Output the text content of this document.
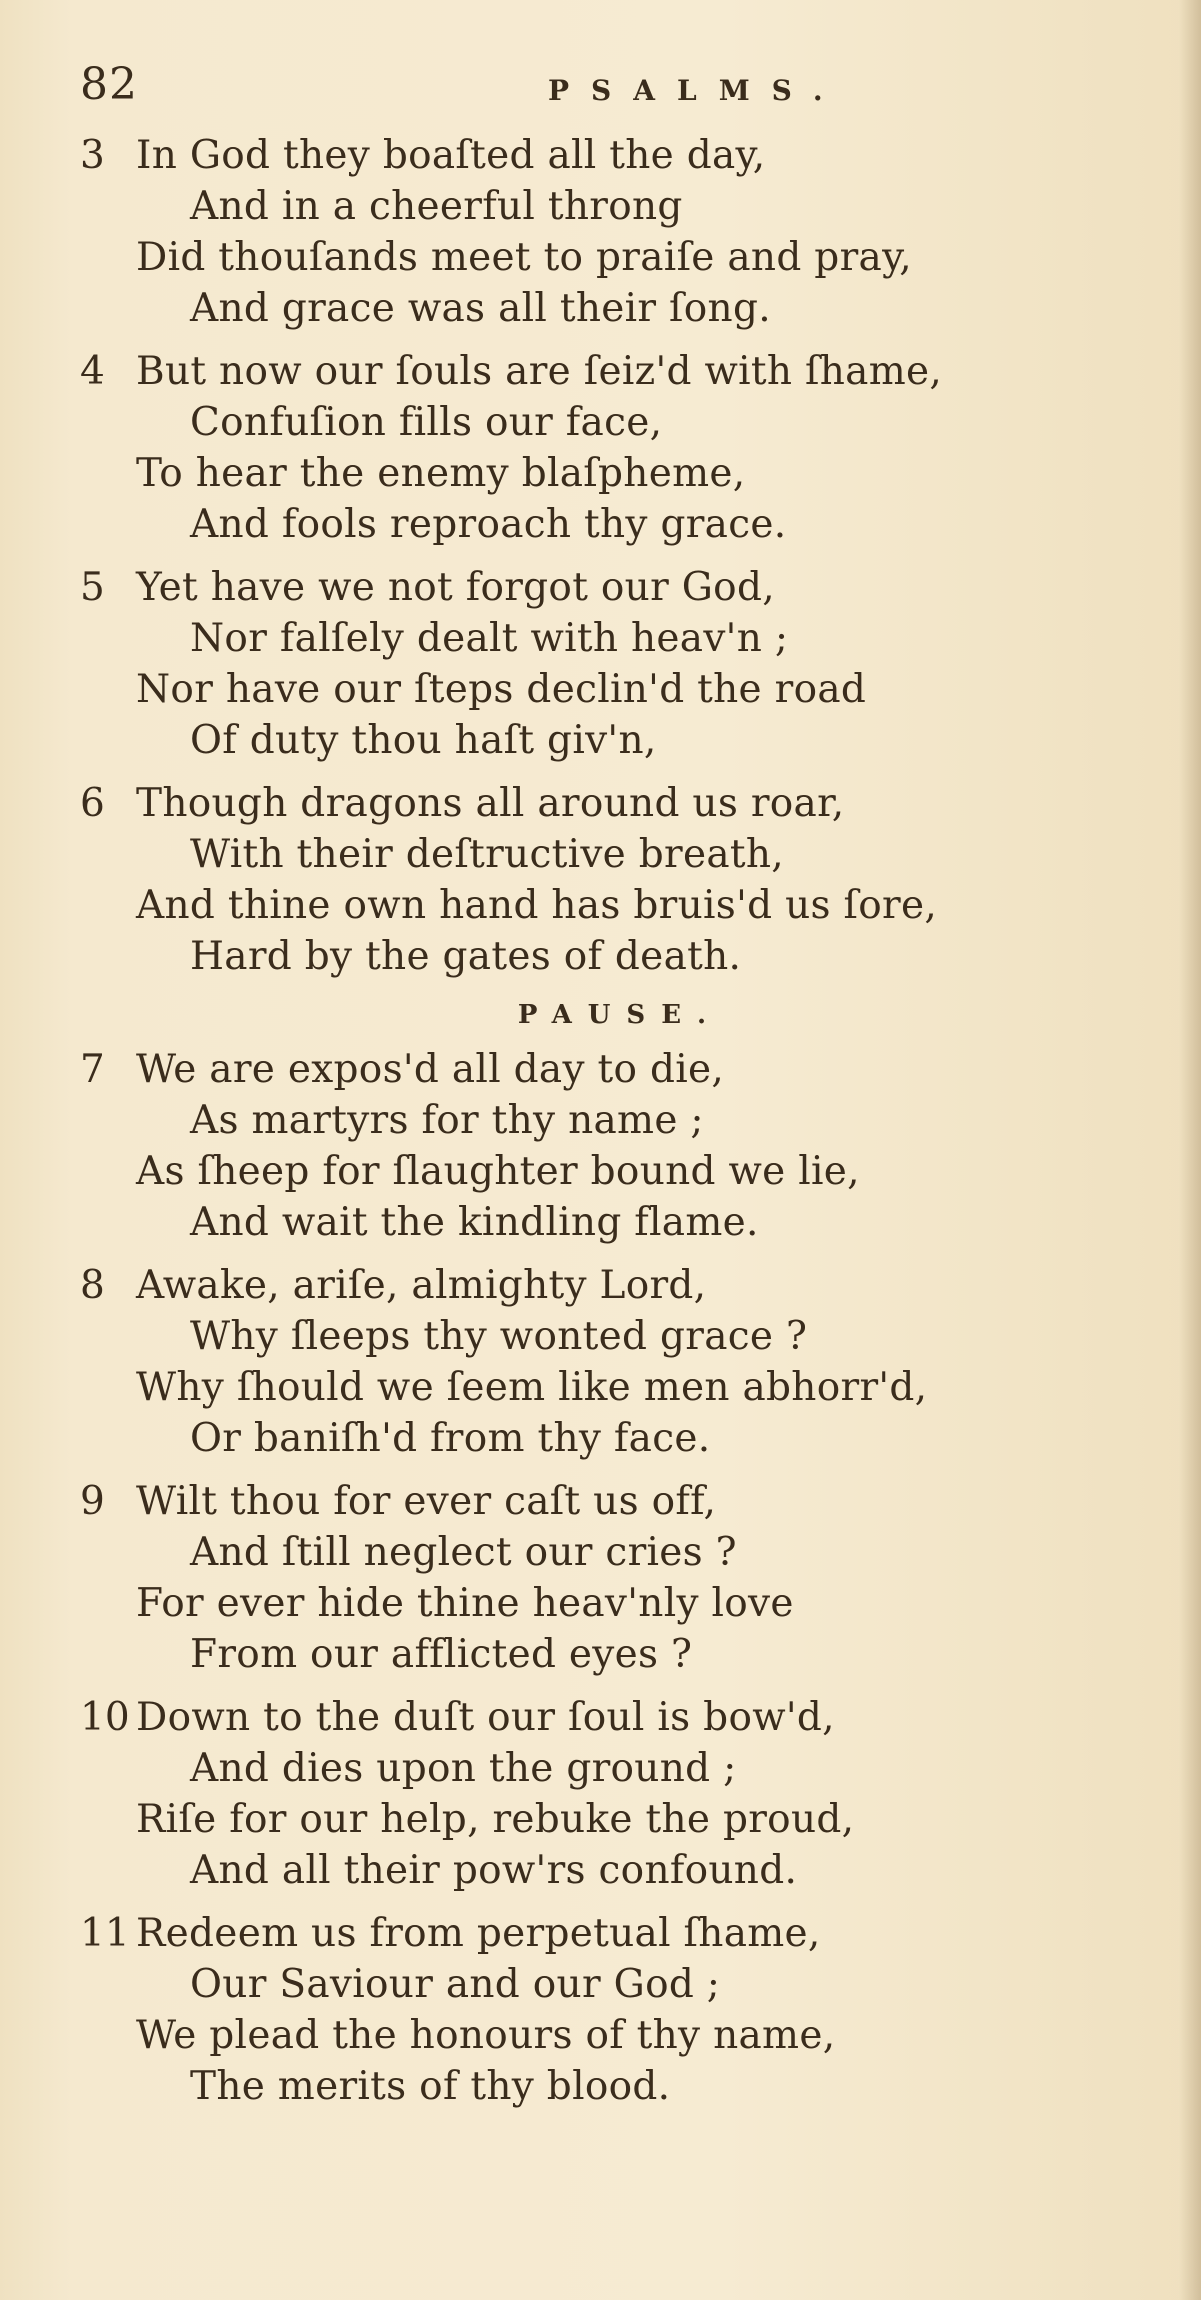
82	PSALMS.
3 In God they boaſted all the day,
And in a cheerful throng
Did thouſands meet to praiſe and pray,
And grace was all their ſong.
4 But now our ſouls are ſeiz'd with ſhame,
Confuſion fills our face,
To hear the enemy blaſpheme,
And fools reproach thy grace.
5 Yet have we not forgot our God,
Nor falſely dealt with heav'n ;
Nor have our ſteps declin'd the road
Of duty thou haſt giv'n,
6 Though dragons all around us roar,
With their deſtructive breath,
And thine own hand has bruis'd us ſore,
Hard by the gates of death.
PAUSE.
7 We are expos'd all day to die,
As martyrs for thy name ;
As ſheep for ſlaughter bound we lie,
And wait the kindling flame.
8 Awake, ariſe, almighty Lord,
Why ſleeps thy wonted grace ?
Why ſhould we ſeem like men abhorr'd,
Or baniſh'd from thy face.
9 Wilt thou for ever caſt us off,
And ſtill neglect our cries ?
For ever hide thine heav'nly love
From our afflicted eyes ?
10 Down to the duſt our ſoul is bow'd,
And dies upon the ground ;
Riſe for our help, rebuke the proud,
And all their pow'rs confound.
11 Redeem us from perpetual ſhame,
Our Saviour and our God ;
We plead the honours of thy name,
The merits of thy blood.
